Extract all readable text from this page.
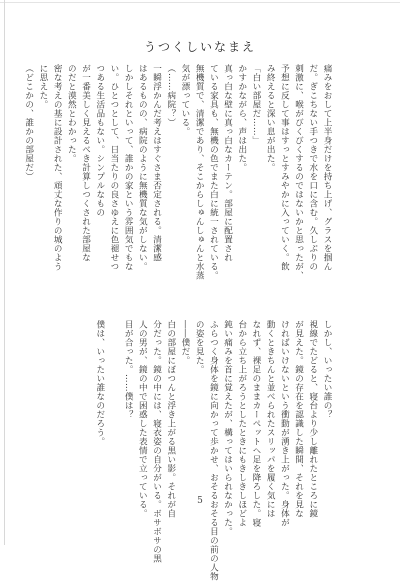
うつくしいなまえ
痛みをおして上半身だけを持ち上げ、グラスを掴ん
だ。ぎこちない手つきで水を口に含む。久しぶりの
刺激に、喉がびくびくするのではないかと思ったが、
予想に反して事はすっとすみやかに入っていく。飲
み終えると深い息が出た。
「白い部屋だ……」
かすかながら、声は出た。
真っ白な壁に真っ白なカーテン。部屋に配置され
ている家具も、無機の色でまた白に統一されている。
無機質で、清潔であり、そこからしゅんしゅんと水蒸
気が漂っている。
（……病院？）
一瞬浮かんだ考えはすぐさま否定される。清潔感
はあるものの、病院のように無機質な気がしない。
しかしそれといって、誰かの家という雰囲気でもな
い。ひとつとして、日当たりの良さゆえに色褪せつ
つある生活品もない。シンプルなもの
が一番美しく見えるべき計算しつくされた部屋な
のだと漠然とわかった。
密な考えの基に設計された、頑丈な作りの城のよう
に思えた。
（どこかの、誰かの部屋だ）
しかし、いったい誰の？
視線でたどると、寝台より少し離れたところに鏡
が見えた。鏡の存在を認識した瞬間、それを見な
ければいけないという衝動が湧き上がった。身体が
動くときちんと並べられたスリッパを履く気には
なれず、裸足のままカーペットへ足を降ろした。寝
台から立ち上がろうとしたときにもきしきしほどよ
鈍い痛みを首に覚えたが、構ってはいられなかった。
ふらつく身体を鏡に向かって歩かせ、おそるおそる目の前の人物
の姿を見た。
――僕だ。
白の部屋にぼつんと浮き上がる黒い影。それが自
分だった。鏡の中には、寝衣姿の自分がいる。ボサボサの黒
人の男が、鏡の中で困惑した表情で立っている。
目が合った。……僕は？

僕は、いったい誰なのだろう。
5
